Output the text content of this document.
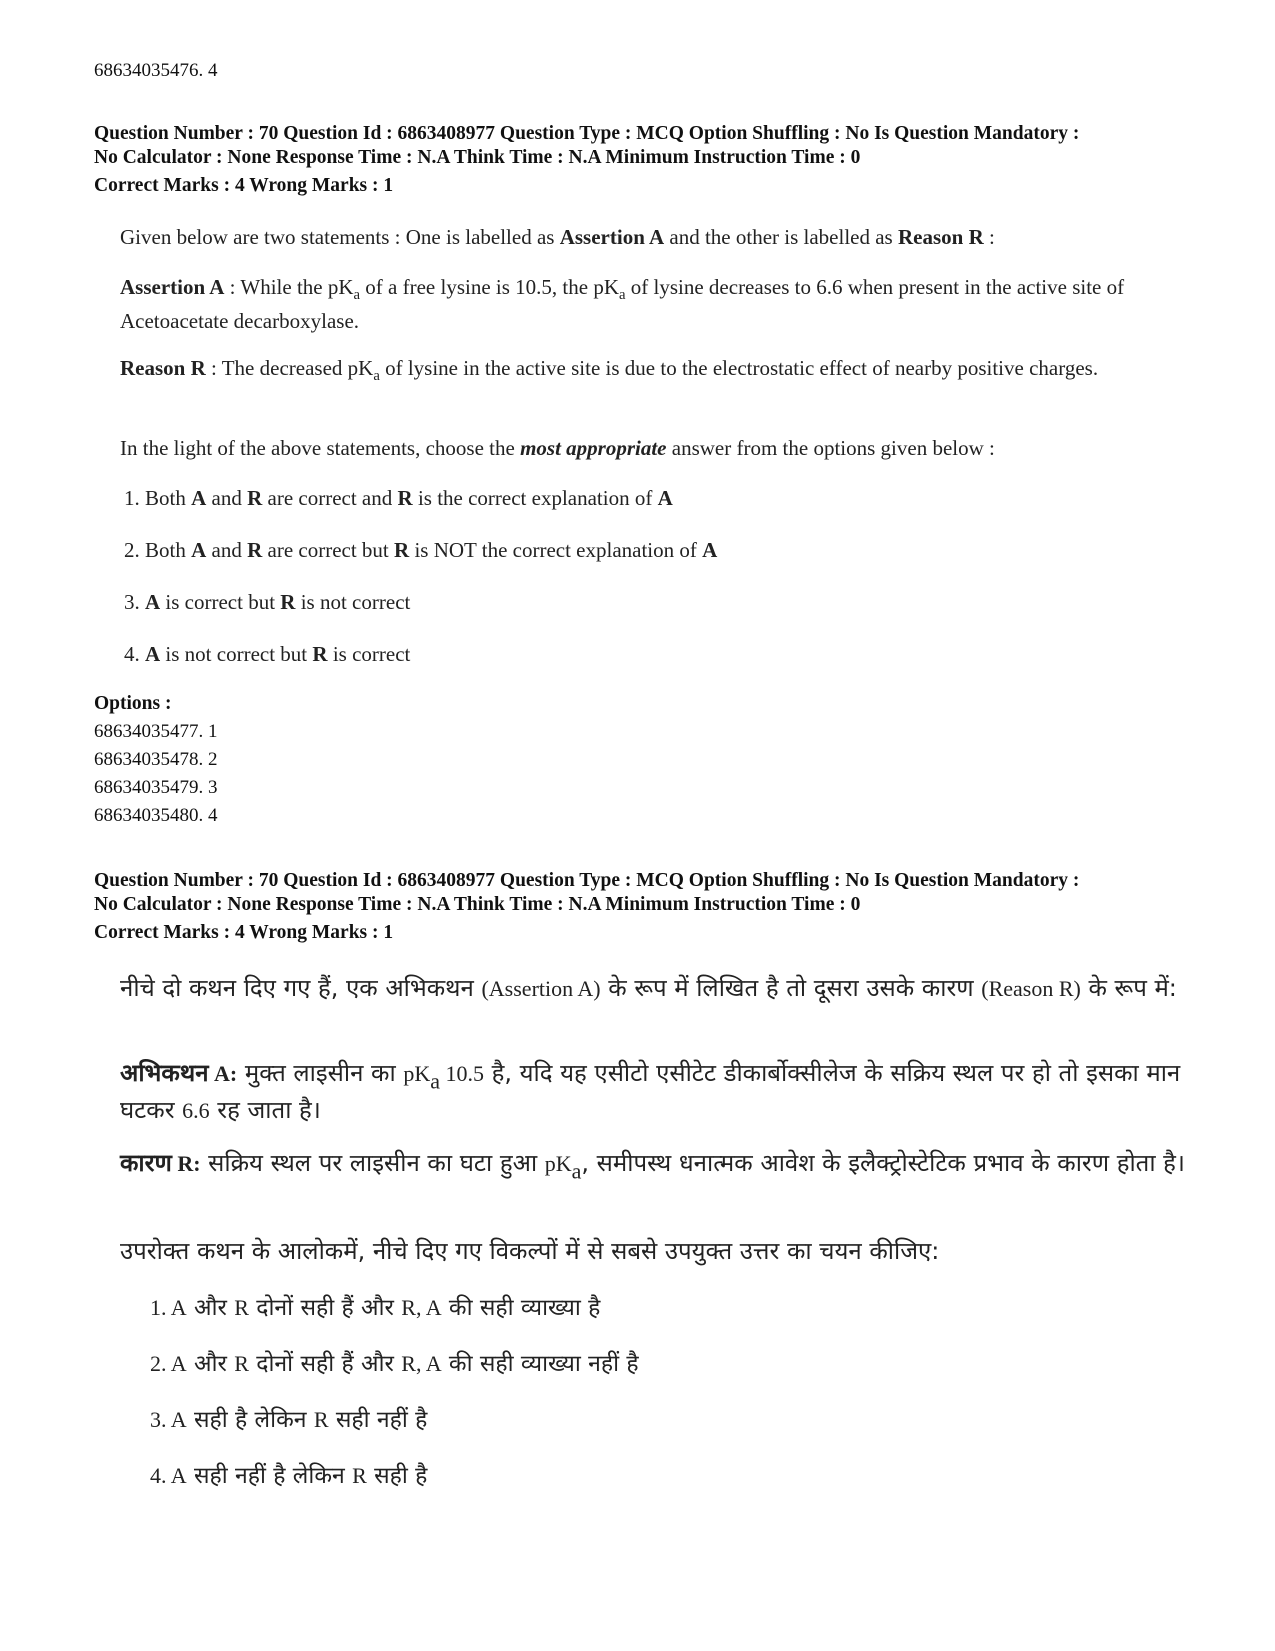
68634035476. 4
Question Number : 70 Question Id : 6863408977 Question Type : MCQ Option Shuffling : No Is Question Mandatory :
No Calculator : None Response Time : N.A Think Time : N.A Minimum Instruction Time : 0
Correct Marks : 4 Wrong Marks : 1

Given below are two statements : One is labelled as Assertion A and the other is labelled as Reason R :

Assertion A : While the $pK_a$ of a free lysine is 10.5, the $pK_a$ of lysine decreases to 6.6 when present in the active site of Acetoacetate decarboxylase.

Reason R : The decreased $pK_a$ of lysine in the active site is due to the electrostatic effect of nearby positive charges.

In the light of the above statements, choose the most appropriate answer from the options given below :

1. Both A and R are correct and R is the correct explanation of A
2. Both A and R are correct but R is NOT the correct explanation of A
3. A is correct but R is not correct
4. A is not correct but R is correct
Options :
68634035477. 1
68634035478. 2
68634035479. 3
68634035480. 4
Question Number : 70 Question Id : 6863408977 Question Type : MCQ Option Shuffling : No Is Question Mandatory :
No Calculator : None Response Time : N.A Think Time : N.A Minimum Instruction Time : 0
Correct Marks : 4 Wrong Marks : 1
नीचे दो कथन दिए गए हैं, एक अभिकथन (Assertion A) के रूप में लिखित है तो दूसरा उसके कारण (Reason R) के रूप में:
अभिकथन A: मुक्त लाइसीन का $pK_a$ 10.5 है, यदि यह एसीटो एसीटेट डीकार्बोक्सीलेज के सक्रिय स्थल पर हो तो इसका मान घटकर 6.6 रह जाता है।
कारण R: सक्रिय स्थल पर लाइसीन का घटा हुआ $pK_a$, समीपस्थ धनात्मक आवेश के इलैक्ट्रोस्टेटिक प्रभाव के कारण होता है।
उपरोक्त कथन के आलोकमें, नीचे दिए गए विकल्पों में से सबसे उपयुक्त उत्तर का चयन कीजिए:
1. A और R दोनों सही हैं और R, A की सही व्याख्या है
2. A और R दोनों सही हैं और R, A की सही व्याख्या नहीं है
3. A सही है लेकिन R सही नहीं है
4. A सही नहीं है लेकिन R सही है
